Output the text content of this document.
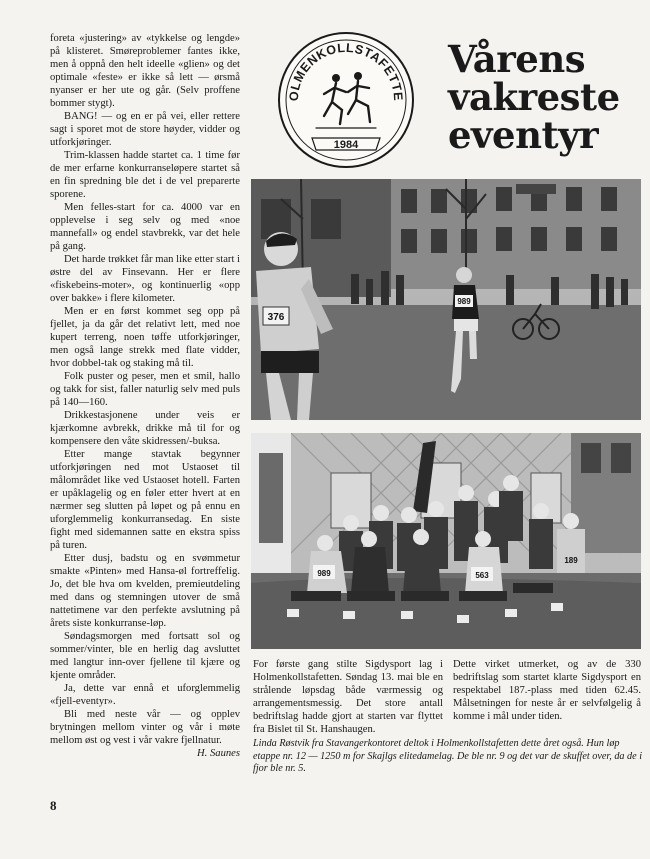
foreta «justering» av «tykkelse og lengde» på klisteret. Smøreproblemer fantes ikke, men å oppnå den helt ideelle «glien» og det optimale «feste» er ikke så lett — ørsmå nyanser er her ute og går. (Selv proffene bommer stygt).

BANG! — og en er på vei, eller rettere sagt i sporet mot de store høyder, vidder og utforkjøringer.

Trim-klassen hadde startet ca. 1 time før de mer erfarne konkurranseløpere startet så en fin spredning ble det i de vel preparerte sporene.

Men felles-start for ca. 4000 var en opplevelse i seg selv og med «noe mannefall» og endel stavbrekk, var det hele på gang.

Det harde trøkket får man like etter start i østre del av Finsevann. Her er flere «fiskebeins-moter», og kontinuerlig «opp over bakke» i flere kilometer.

Men er en først kommet seg opp på fjellet, ja da går det relativt lett, med noe kupert terreng, noen tøffe utforkjøringer, men også lange strekk med flate vidder, hvor dobbel-tak og staking må til.

Folk puster og peser, men et smil, hallo og takk for sist, faller naturlig selv med puls på 140—160.

Drikkestasjonene under veis er kjærkomne avbrekk, drikke må til for og kompensere den våte skidressen/-buksa.

Etter mange stavtak begynner utforkjøringen ned mot Ustaoset til målområdet like ved Ustaoset hotell. Farten er upåklagelig og en føler etter hvert at en nærmer seg slutten på løpet og på ennu en uforglemmelig konkurransedag. En siste fight med sidemannen satte en ekstra spiss på turen.

Etter dusj, badstu og en svømmetur smakte «Pinten» med Hansa-øl fortreffelig. Jo, det ble hva om kvelden, premieutdeling med dans og stemningen utover de små nattetimene var den perfekte avslutning på årets siste konkurranse-løp.

Søndagsmorgen med fortsatt sol og sommer/vinter, ble en herlig dag avsluttet med langtur inn-over fjellene til kjære og kjente områder.

Ja, dette var ennå et uforglemmelig «fjell-eventyr».

Bli med neste vår — og opplev brytningen mellom vinter og vår i møte mellom øst og vest i vår vakre fjellnatur.

H. Saunes

8
OLMENKOLLSTAFETTE
1984
Vårens
vakreste
eventyr
376
989
189
989	563
For første gang stilte Sigdysport lag i Holmenkollstafetten. Søndag 13. mai ble en strålende løpsdag både værmessig og arrangementsmessig. Det store antall bedriftslag hadde gjort at starten var flyttet fra Bislet til St. Hanshaugen.
Dette virket utmerket, og av de 330 bedriftslag som startet klarte Sigdysport en respektabel 187.-plass med tiden 62.45. Målsetningen for neste år er selvfølgelig å komme i mål under tiden.
Linda Røstvik fra Stavangerkontoret deltok i Holmenkollstafetten dette året også. Hun løp etappe nr. 12 — 1250 m for Skajlgs elitedamelag. De ble nr. 9 og det var de skuffet over, da de i fjor ble nr. 5.
